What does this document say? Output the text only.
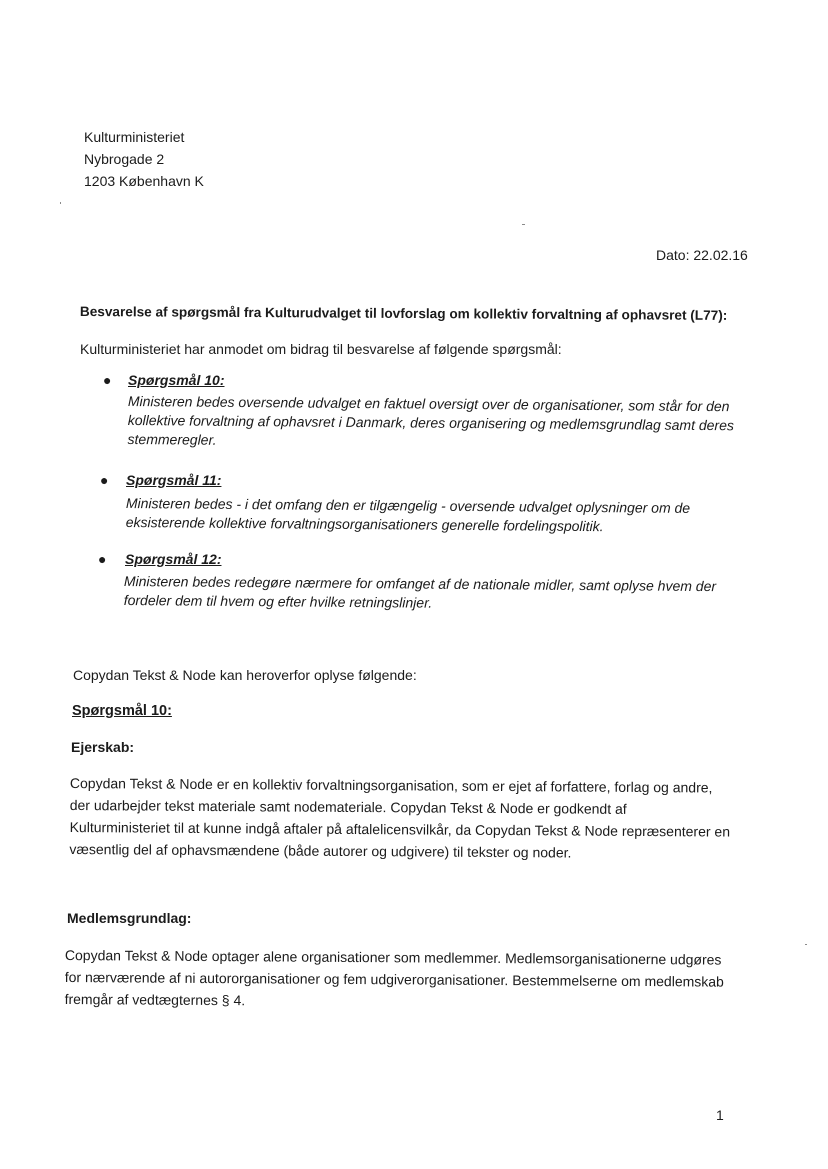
Kulturministeriet
Nybrogade 2
1203 København K
Dato: 22.02.16
Besvarelse af spørgsmål fra Kulturudvalget til lovforslag om kollektiv forvaltning af ophavsret (L77):
Kulturministeriet har anmodet om bidrag til besvarelse af følgende spørgsmål:
● Spørgsmål 10:
Ministeren bedes oversende udvalget en faktuel oversigt over de organisationer, som står for den
kollektive forvaltning af ophavsret i Danmark, deres organisering og medlemsgrundlag samt deres
stemmeregler.
● Spørgsmål 11:
Ministeren bedes - i det omfang den er tilgængelig - oversende udvalget oplysninger om de
eksisterende kollektive forvaltningsorganisationers generelle fordelingspolitik.
● Spørgsmål 12:
Ministeren bedes redegøre nærmere for omfanget af de nationale midler, samt oplyse hvem der
fordeler dem til hvem og efter hvilke retningslinjer.
Copydan Tekst & Node kan heroverfor oplyse følgende:
Spørgsmål 10:
Ejerskab:
Copydan Tekst & Node er en kollektiv forvaltningsorganisation, som er ejet af forfattere, forlag og andre,
der udarbejder tekst materiale samt nodemateriale. Copydan Tekst & Node er godkendt af
Kulturministeriet til at kunne indgå aftaler på aftalelicensvilkår, da Copydan Tekst & Node repræsenterer en
væsentlig del af ophavsmændene (både autorer og udgivere) til tekster og noder.
Medlemsgrundlag:
Copydan Tekst & Node optager alene organisationer som medlemmer. Medlemsorganisationerne udgøres
for nærværende af ni autororganisationer og fem udgiverorganisationer. Bestemmelserne om medlemskab
fremgår af vedtægternes § 4.
1
